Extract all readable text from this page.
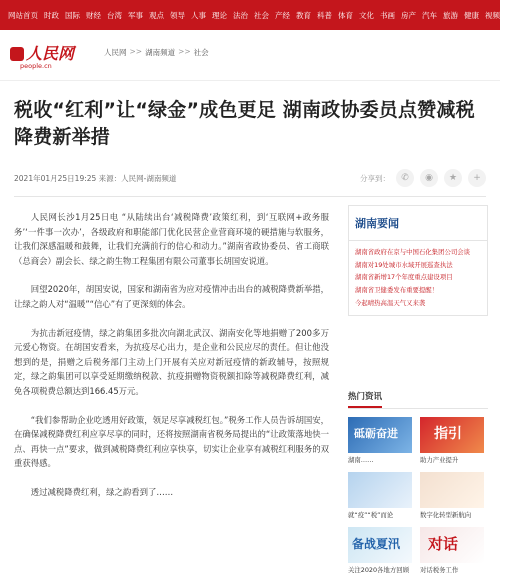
网站首页 时政 国际 财经 台湾 军事 观点 领导 人事 理论 法治 社会 产经 教育 科普 体育 文化 书画 房产 汽车 旅游 健康 视频
登录
注册
人民网
people.cn
人民网 >> 湖南频道 >> 社会
税收“红利”让“绿金”成色更足 湖南政协委员点赞减税降费新举措
2021年01月25日19:25 来源：人民网-湖南频道	分享到：	✆	◉	★	+

人民网长沙1月25日电 “从陆续出台‘减税降费’政策红利，到‘互联网+政务服务’‘一件事一次办’，各级政府和职能部门优化民营企业营商环境的硬措施与软服务，让我们深感温暖和鼓舞，让我们充满前行的信心和动力。”湖南省政协委员、省工商联（总商会）副会长、绿之韵生物工程集团有限公司董事长胡国安说道。

回望2020年，胡国安说，国家和湖南省为应对疫情冲击出台的减税降费新举措，让绿之韵人对“温暖”“信心”有了更深刻的体会。

为抗击新冠疫情，绿之韵集团多批次向湖北武汉、湖南安化等地捐赠了200多万元爱心物资。在胡国安看来，为抗疫尽心出力，是企业和公民应尽的责任。但让他没想到的是，捐赠之后税务部门主动上门开展有关应对新冠疫情的新政辅导，按照规定，绿之韵集团可以享受延期缴纳税款、抗疫捐赠物资税额扣除等减税降费红利，减免各项税费总额达到166.45万元。

“我们参帮助企业吃透用好政策，领足尽享减税红包。”税务工作人员告诉胡国安，在确保减税降费红利应享尽享的同时，还将按照湖南省税务局提出的“让政策落地快一点、再快一点”要求，做到减税降费红利应享快享，切实让企业享有减税红利服务的双重获得感。

透过减税降费红利，绿之韵看到了……

湖南要闻
湖南省政府在京与中国石化集团公司会谈
湖南对19处城市水域开展巡查执法
湖南省新增17个年度重点建设项目
湖南省卫健委发布重要提醒！
今起晴热高温天气又来袭
热门资讯
砥砺奋进
湖南……
指引
助力产业提升
就“疫”“税”而论	数字化转型新航向
备战夏汛
关注2020各地方回顾
对话
对话税务工作
